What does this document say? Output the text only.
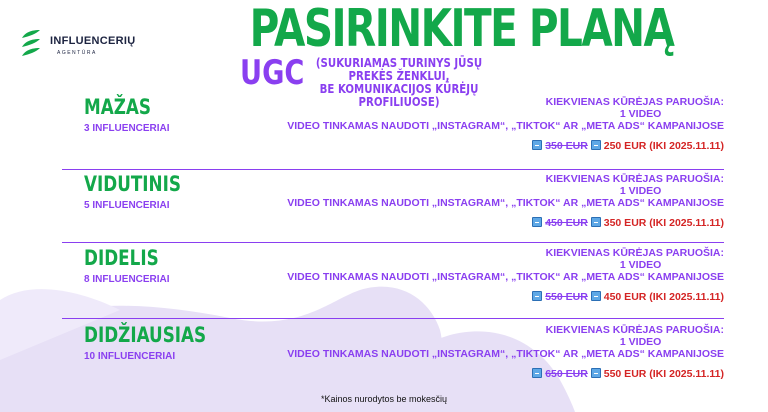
INFLUENCERIŲ
AGENTŪRA	PASIRINKITE PLANĄ
UGC (SUKURIAMAS TURINYS JŪSŲ PREKĖS ŽENKLUI,
BE KOMUNIKACIJOS KŪRĖJŲ PROFILIUOSE)
MAŽAS
3 INFLUENCERIAI
KIEKVIENAS KŪRĖJAS PARUOŠIA:
1 VIDEO
VIDEO TINKAMAS NAUDOTI „INSTAGRAM“, „TIKTOK“ AR „META ADS“ KAMPANIJOSE
350 EUR 250 EUR (IKI 2025.11.11)
VIDUTINIS
5 INFLUENCERIAI
KIEKVIENAS KŪRĖJAS PARUOŠIA:
1 VIDEO
VIDEO TINKAMAS NAUDOTI „INSTAGRAM“, „TIKTOK“ AR „META ADS“ KAMPANIJOSE
450 EUR 350 EUR (IKI 2025.11.11)
DIDELIS
8 INFLUENCERIAI
KIEKVIENAS KŪRĖJAS PARUOŠIA:
1 VIDEO
VIDEO TINKAMAS NAUDOTI „INSTAGRAM“, „TIKTOK“ AR „META ADS“ KAMPANIJOSE
550 EUR 450 EUR (IKI 2025.11.11)
DIDŽIAUSIAS
10 INFLUENCERIAI
KIEKVIENAS KŪRĖJAS PARUOŠIA:
1 VIDEO
VIDEO TINKAMAS NAUDOTI „INSTAGRAM“, „TIKTOK“ AR „META ADS“ KAMPANIJOSE
650 EUR 550 EUR (IKI 2025.11.11)
*Kainos nurodytos be mokesčių
